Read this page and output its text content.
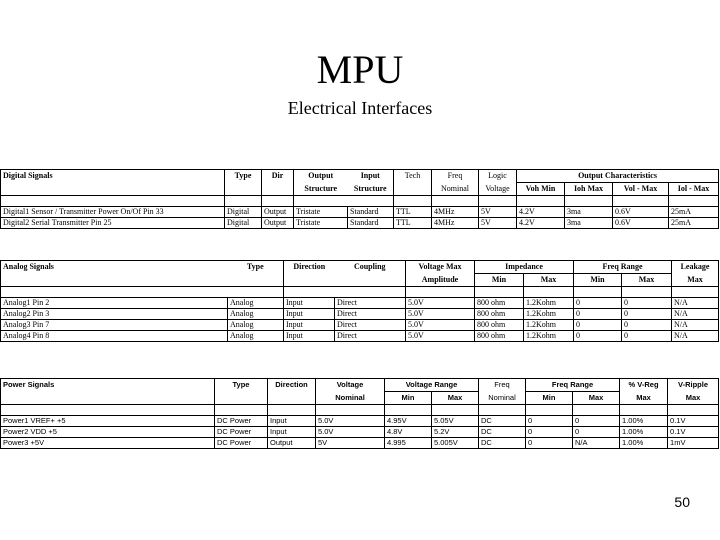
MPU
Electrical Interfaces
Digital Signals	Type	Dir	Output	Input	Tech	Freq	Logic	Output Characteristics			
			Structure	Structure		Nominal	Voltage	Voh Min	Ioh Max	Vol - Max	Iol - Max

Digital1 Sensor / Transmitter Power On/Of Pin 33	Digital	Output	Tristate	Standard	TTL	4MHz	5V	4.2V	3ma	0.6V	25mA
Digital2 Serial Transmitter Pin 25	Digital	Output	Tristate	Standard	TTL	4MHz	5V	4.2V	3ma	0.6V	25mA
Analog Signals	Type	Direction	Coupling	Voltage Max	Impedance		Freq Range		Leakage
				Amplitude	Min	Max	Min	Max	Max

Analog1 Pin 2	Analog	Input	Direct	5.0V	800 ohm	1.2Kohm	0	0	N/A
Analog2 Pin 3	Analog	Input	Direct	5.0V	800 ohm	1.2Kohm	0	0	N/A
Analog3 Pin 7	Analog	Input	Direct	5.0V	800 ohm	1.2Kohm	0	0	N/A
Analog4 Pin 8	Analog	Input	Direct	5.0V	800 ohm	1.2Kohm	0	0	N/A
Power Signals	Type	Direction	Voltage	Voltage Range		Freq	Freq Range		% V-Reg	V-Ripple
			Nominal	Min	Max	Nominal	Min	Max	Max	Max

Power1 VREF+ +5	DC Power	Input	5.0V	4.95V	5.05V	DC	0	0	1.00%	0.1V
Power2 VDD +5	DC Power	Input	5.0V	4.8V	5.2V	DC	0	0	1.00%	0.1V
Power3 +5V	DC Power	Output	5V	4.995	5.005V	DC	0	N/A	1.00%	1mV
50
